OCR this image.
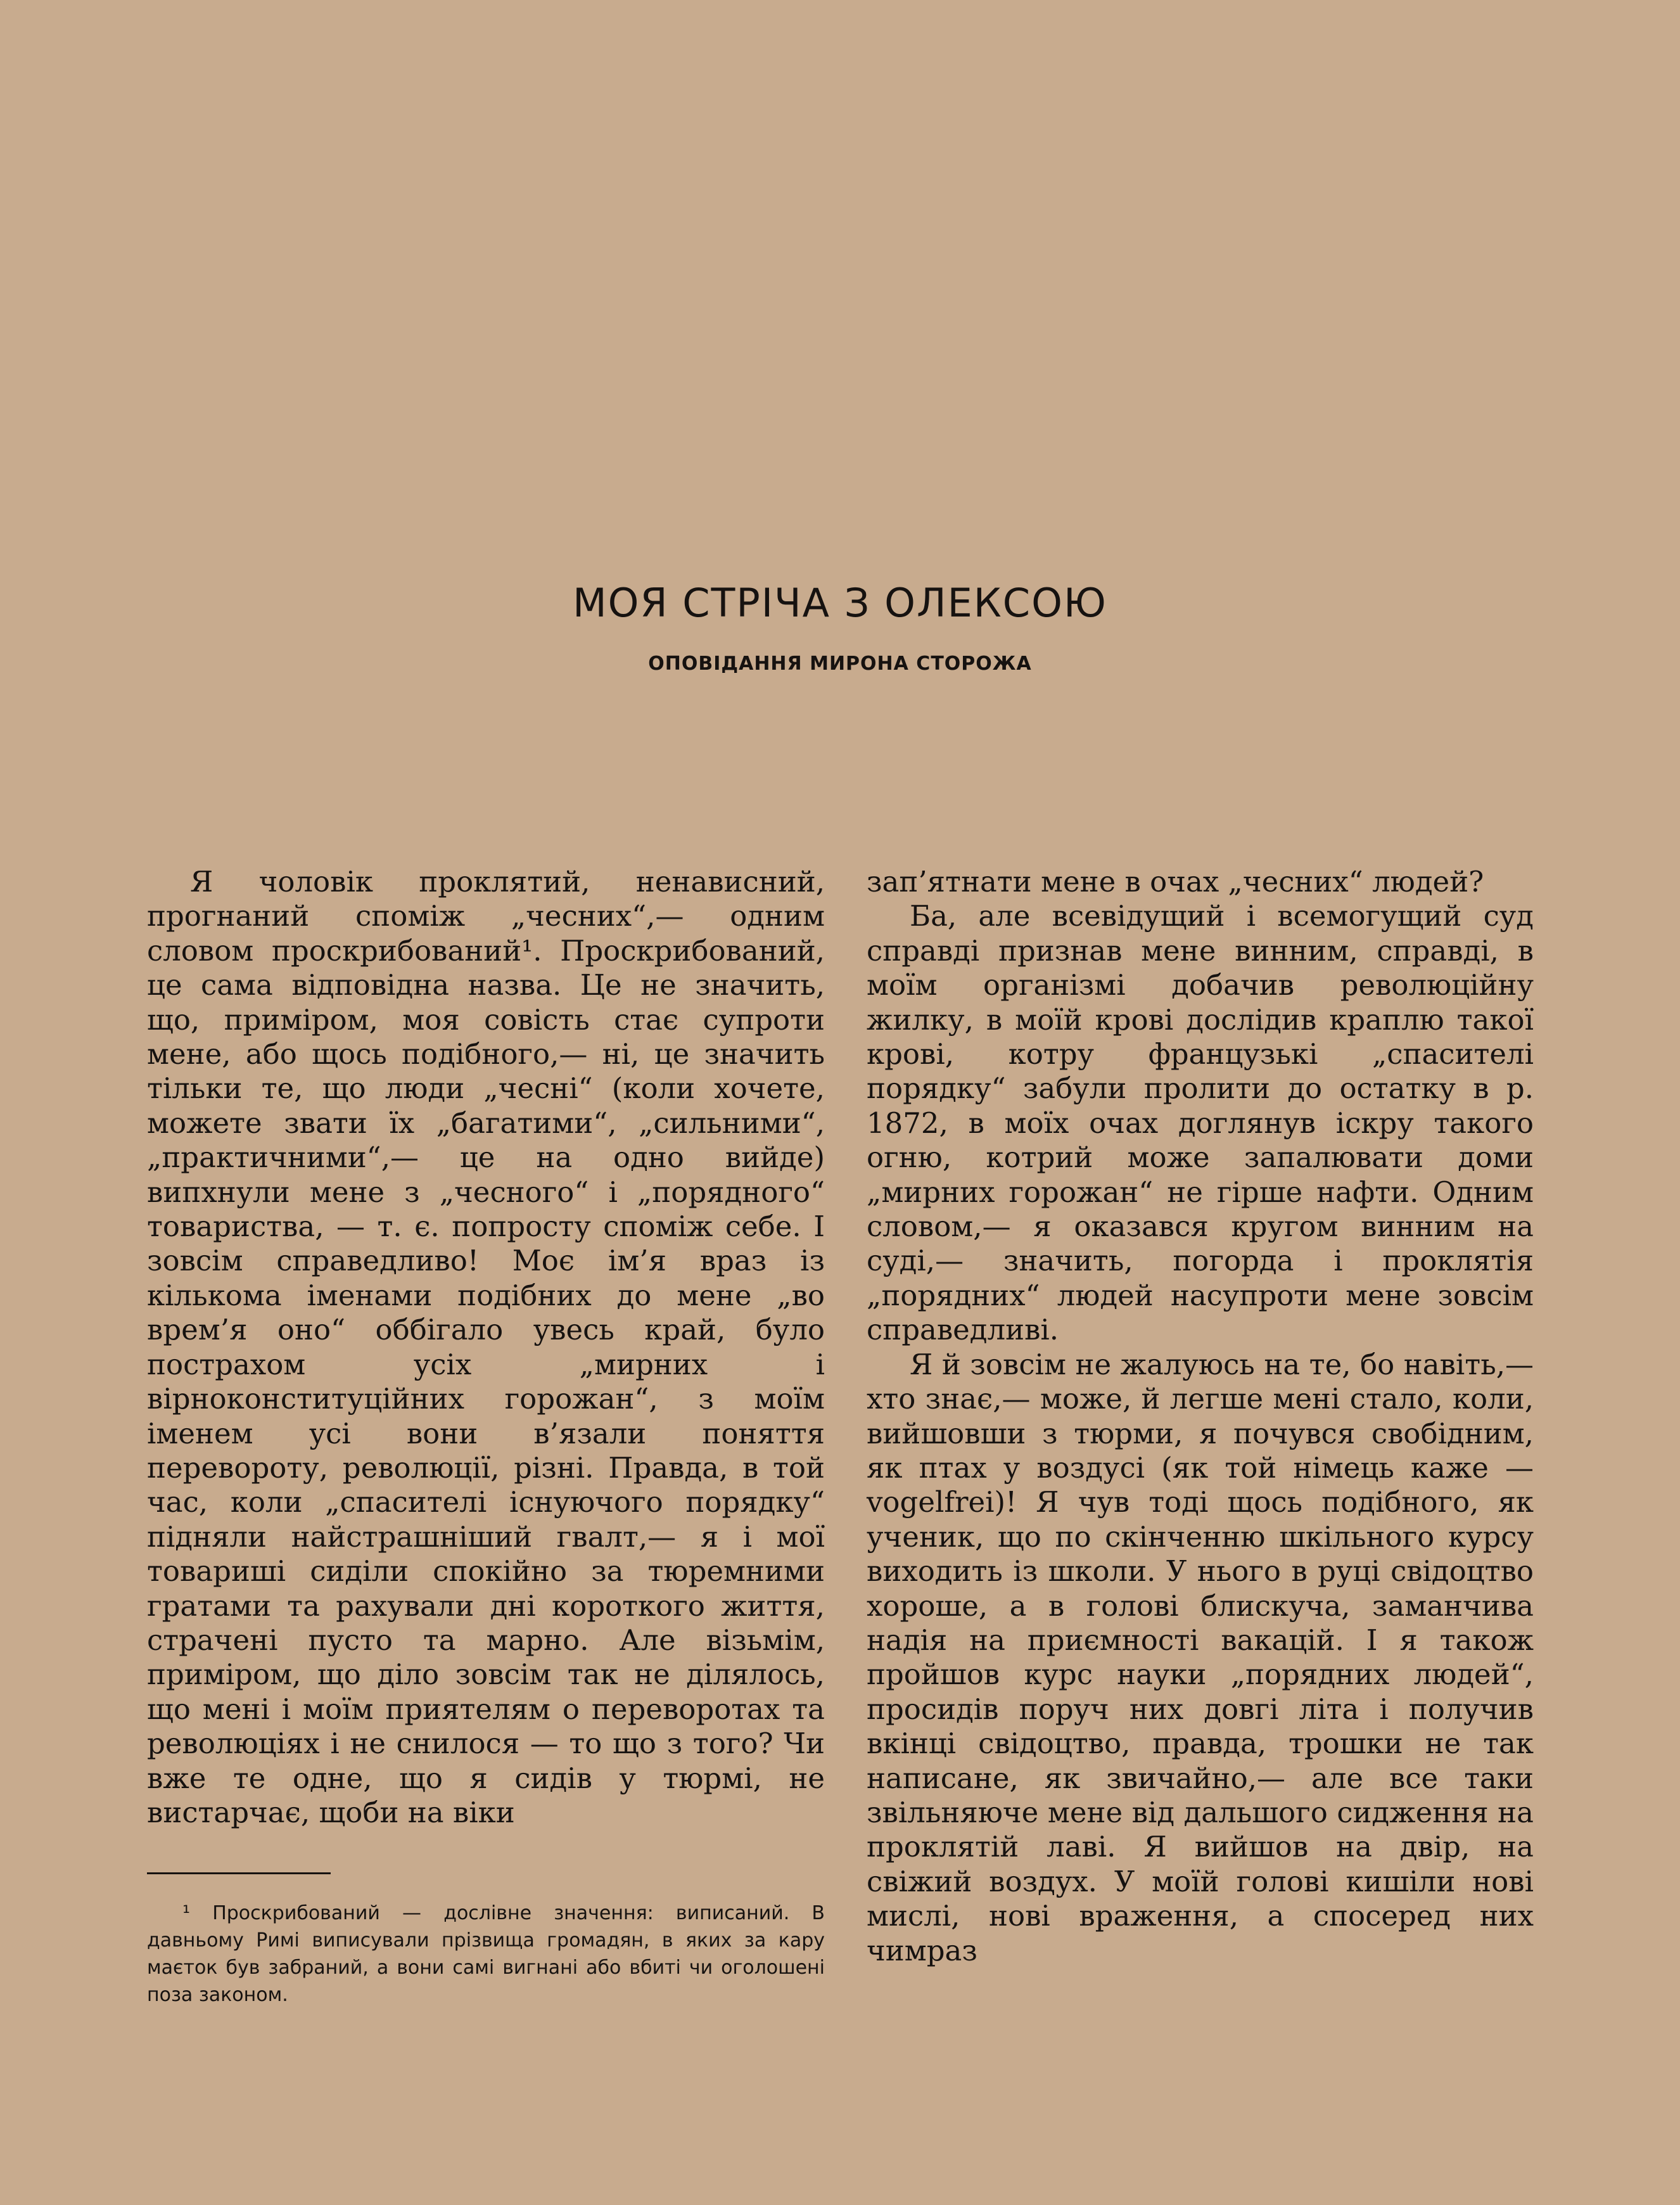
МОЯ СТРІЧА З ОЛЕКСОЮ
ОПОВІДАННЯ МИРОНА СТОРОЖА

Я чоловік проклятий, ненависний, прогнаний споміж „чесних“,— одним словом проскрибований¹. Проскрибований, це сама відповідна назва. Це не значить, що, приміром, моя совість стає супроти мене, або щось подібного,— ні, це значить тільки те, що люди „чесні“ (коли хочете, можете звати їх „багатими“, „сильними“, „практичними“,— це на одно вийде) випхнули мене з „чесного“ і „порядного“ товариства, — т. є. попросту споміж себе. І зовсім справедливо! Моє ім’я враз із кількома іменами подібних до мене „во врем’я оно“ оббігало увесь край, було пострахом усіх „мирних і вірноконституційних горожан“, з моїм іменем усі вони в’язали поняття перевороту, революції, різні. Правда, в той час, коли „спасителі існуючого порядку“ підняли найстрашніший гвалт,— я і мої товариші сиділи спокійно за тюремними гратами та рахували дні короткого життя, страчені пусто та марно. Але візьмім, приміром, що діло зовсім так не ділялось, що мені і моїм приятелям о переворотах та революціях і не снилося — то що з того? Чи вже те одне, що я сидів у тюрмі, не вистарчає, щоби на віки

зап’ятнати мене в очах „чесних“ людей?

Ба, але всевідущий і всемогущий суд справді признав мене винним, справді, в моїм організмі добачив революційну жилку, в моїй крові дослідив краплю такої крові, котру французькі „спасителі порядку“ забули пролити до остатку в р. 1872, в моїх очах доглянув іскру такого огню, котрий може запалювати доми „мирних горожан“ не гірше нафти. Одним словом,— я оказався кругом винним на суді,— значить, погорда і проклятія „порядних“ людей насупроти мене зовсім справедливі.

Я й зовсім не жалуюсь на те, бо навіть,— хто знає,— може, й легше мені стало, коли, вийшовши з тюрми, я почувся свобідним, як птах у воздусі (як той німець каже — vogelfrei)! Я чув тоді щось подібного, як ученик, що по скінченню шкільного курсу виходить із школи. У нього в руці свідоцтво хороше, а в голові блискуча, заманчива надія на приємності вакацій. І я також пройшов курс науки „порядних людей“, просидів поруч них довгі літа і получив вкінці свідоцтво, правда, трошки не так написане, як звичайно,— але все таки звільняюче мене від дальшого сидження на проклятій лаві. Я вийшов на двір, на свіжий воздух. У моїй голові кишіли нові мислі, нові враження, а спосеред них чимраз

¹ Проскрибований — дослівне значення: виписаний. В давньому Римі виписували прізвища громадян, в яких за кару маєток був забраний, а вони самі вигнані або вбиті чи оголошені поза законом.
